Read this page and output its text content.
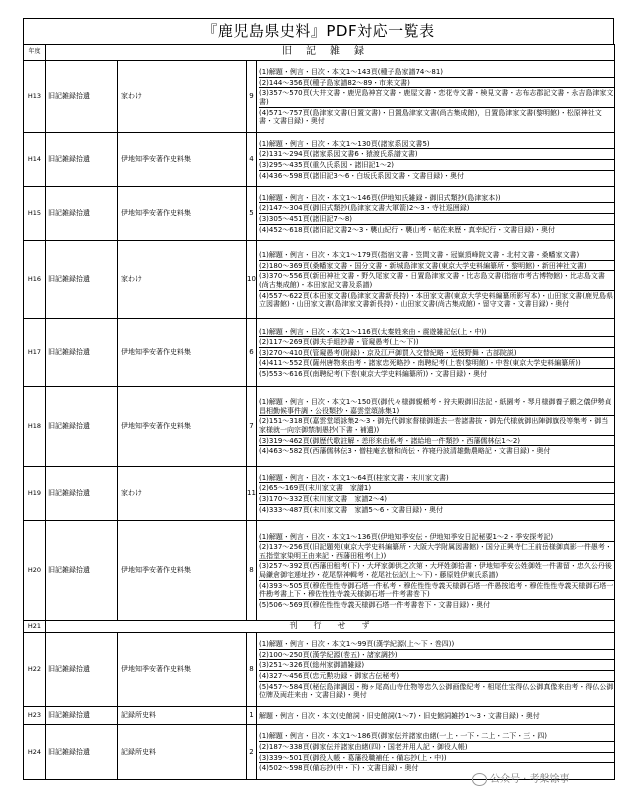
『鹿児島県史料』PDF対応一覧表
年度	旧記雑録			
H13	旧記雑録拾遺	家わけ	9	(1)解題・例言・目次・本文1〜143頁(種子島家譜74〜81)
(2)144〜356頁(種子島家譜82〜89・市来文書)
(3)357〜570頁(大井文書・鹿児島神宮文書・鹿屋文書・恋花寺文書・検見文書・志布志郡記文書・永吉島津家文書)
(4)571〜757頁(島津家文書(日置文書)・日置島津家文書(尚古集成館)，日置島津家文書(黎明館)・松原神社文書・文書目録)・奥付

H14	旧記雑録拾遺	伊地知季安著作史料集	4	(1)解題・例言・目次・本文1〜130頁(諸家系図文書5)
(2)131〜294頁(諸家系図文書6・猿渡氏系譜文書)
(3)295〜435頁(重久氏系図・諸旧記1〜2)
(4)436〜598頁(諸旧記3〜6・白坂氏系図文書・文書目録)・奥付

H15	旧記雑録拾遺	伊地知季安著作史料集	5	(1)解題・例言・目次・本文1〜146頁(伊地知氏雑録・御旧式類抄(島津家本))
(2)147〜304頁(御旧式類抄(島津家文書大軍箭)2〜3・寺社巡囲録)
(3)305〜451頁(諸旧記7〜8)
(4)452〜618頁(諸旧記文書2〜3・襲山紀行・襲山考・帖佐来歴・真幸紀行・文書目録)・奥付

H16	旧記雑録拾遺	家わけ	10	(1)解題・例言・目次・本文1〜179頁(指宿文書・笠間文書・冠嶽頂峰院文書・北村文書・桑幡家文書)
(2)180〜369頁(桑幡家文書・国分文書・新城島津家文書(東京大学史料編纂所・黎明館)・新田神社文書)
(3)370〜556頁(新田神社文書・野久尾家文書・日置島津家文書・比志島文書(指宿市考古博物館)・比志島文書(尚古集成館)・本田家記文書及系譜)
(4)557〜622頁(本田家文書(島津家文書新長持)・本田家文書(東京大学史料編纂所影写本)・山田家文書(鹿児島県立図書館)・山田家文書(島津家文書新長持)・山田家文書(尚古集成館)・留守文書・文書目録)・奥付

H17	旧記雑録拾遺	伊地知季安著作史料集	6	(1)解題・例言・目次・本文1〜116頁(太秦姓来由・震遊雑記伝(上・中))
(2)117〜269頁(御夫手組抄書・管窺愚考(上〜下))
(3)270〜410頁(管窺愚考(附録)・京及江戸御買入交替紀略・近桜野舞・古部院説)
(4)411〜552頁(薩州唐物来由考・諸家忠死略抄・南聘紀考(上巻(黎明館)・中巻(東京大学史料編纂所))
(5)553〜616頁(南聘紀考(下巻(東京大学史料編纂所))・文書目録)・奥付

H18	旧記雑録拾遺	伊地知季安著作史料集	7	(1)解題・例言・目次・本文1〜150頁(御代々様御親頼考・狩夫殿御旧法記・紙園考・琴月様御養子願之儀伊勢貞昌相勤候事件調・公役類抄・嘉雲堂頌詠集1)
(2)151〜318頁(嘉雲堂頌詠集2〜3・御先代御家督様御逝去一巻諸書抜・御先代様就御出陣御旗役等集考・御当家様就一向宗御禁制愚抄(下書・補遺))
(3)319〜462頁(御歴代歌註解・恙形来由私考・諸給地一件類抄・西藩儒林伝1〜2)
(4)463〜582頁(西藩儒林伝3・僧桂庵玄樹和尚伝・祚寝丹波清雄勤農略記・文書目録)・奥付

H19	旧記雑録拾遺	家わけ	11	(1)解題・例言・目次・本文1〜64頁(桂家文書・末川家文書)
(2)65〜169頁(末川家文書　家譜1)
(3)170〜332頁(末川家文書　家譜2〜4)
(4)333〜487頁(末川家文書　家譜5〜6・文書目録)・奥付

H20	旧記雑録拾遺	伊地知季安著作史料集	8	(1)解題・例言・目次・本文1〜136頁(伊地知季安伝・伊地知季安日記秘要1〜2・季安探考記)
(2)137〜256頁(旧記題苑(東京大学史料編纂所・大阪大学附属図書館)・国分正興寺仁王前岳様御真影一件愚考・五指堂家染明王由来記・西藩田租考(上))
(3)257〜392頁(西藩田租考(下)・大坪家御供之次第・大坪姓御拾書・伊地知季安公姓御姓一件書留・忠久公丹後局鎌倉御宅逓址抄・花尾祭神輯考・花尾社伝記(上〜下)・藤原姓伊東氏系譜)
(4)393〜505頁(穆佐性性寺御石塔一件私考・穆佐性性寺義天様御石塔一件愚按追考・穆佐性性寺義天様御石塔一件勘考書上下・穆佐性性寺義天様御石塔一件考書巻下)
(5)506〜569頁(穆佐性性寺義天様御石塔一件考書巻下・文書目録)・奥付

H21	刊　行　せ　ず			
H22	旧記雑録拾遺	伊地知季安著作史料集	8	(1)解題・例言・目次・本文1〜99頁(漢学紀源(上〜下・巻四))
(2)100〜250頁(漢学紀源(巻五)・諸家調抄)
(3)251〜326頁(総州家御譜雑録)
(4)327〜456頁(忠元勲功録・御家古伝秘考)
(5)457〜584頁(秘伝島津調図・梅ヶ尾高山寺仕物等忠久公御画像紀考・相尾仕宝得仏公御真像来由考・得仏公御位牌及両荘来由・文書目録)・奥付

H23	旧記雑録拾遺	記録所史料	1	解題・例言・目次・本文(史館詞・旧史館詞(1〜7)・旧史館詞雑抄1〜3・文書目録)・奥付

H24	旧記雑録拾遺	記録所史料	2	(1)解題・例言・目次・本文1〜186頁(御家伝并諸家由緒(一上・一下・二上・二下・三・四)
(2)187〜338頁(御家伝并諸家由緒(四)・国老并用人記・御役人帳)
(3)339〜501頁(御役人帳・葛藩役職補任・備忘抄(上・中))
(4)502〜598頁(備忘抄(中・下)・文書目録)・奥付
公众号 · 考槃馀事
